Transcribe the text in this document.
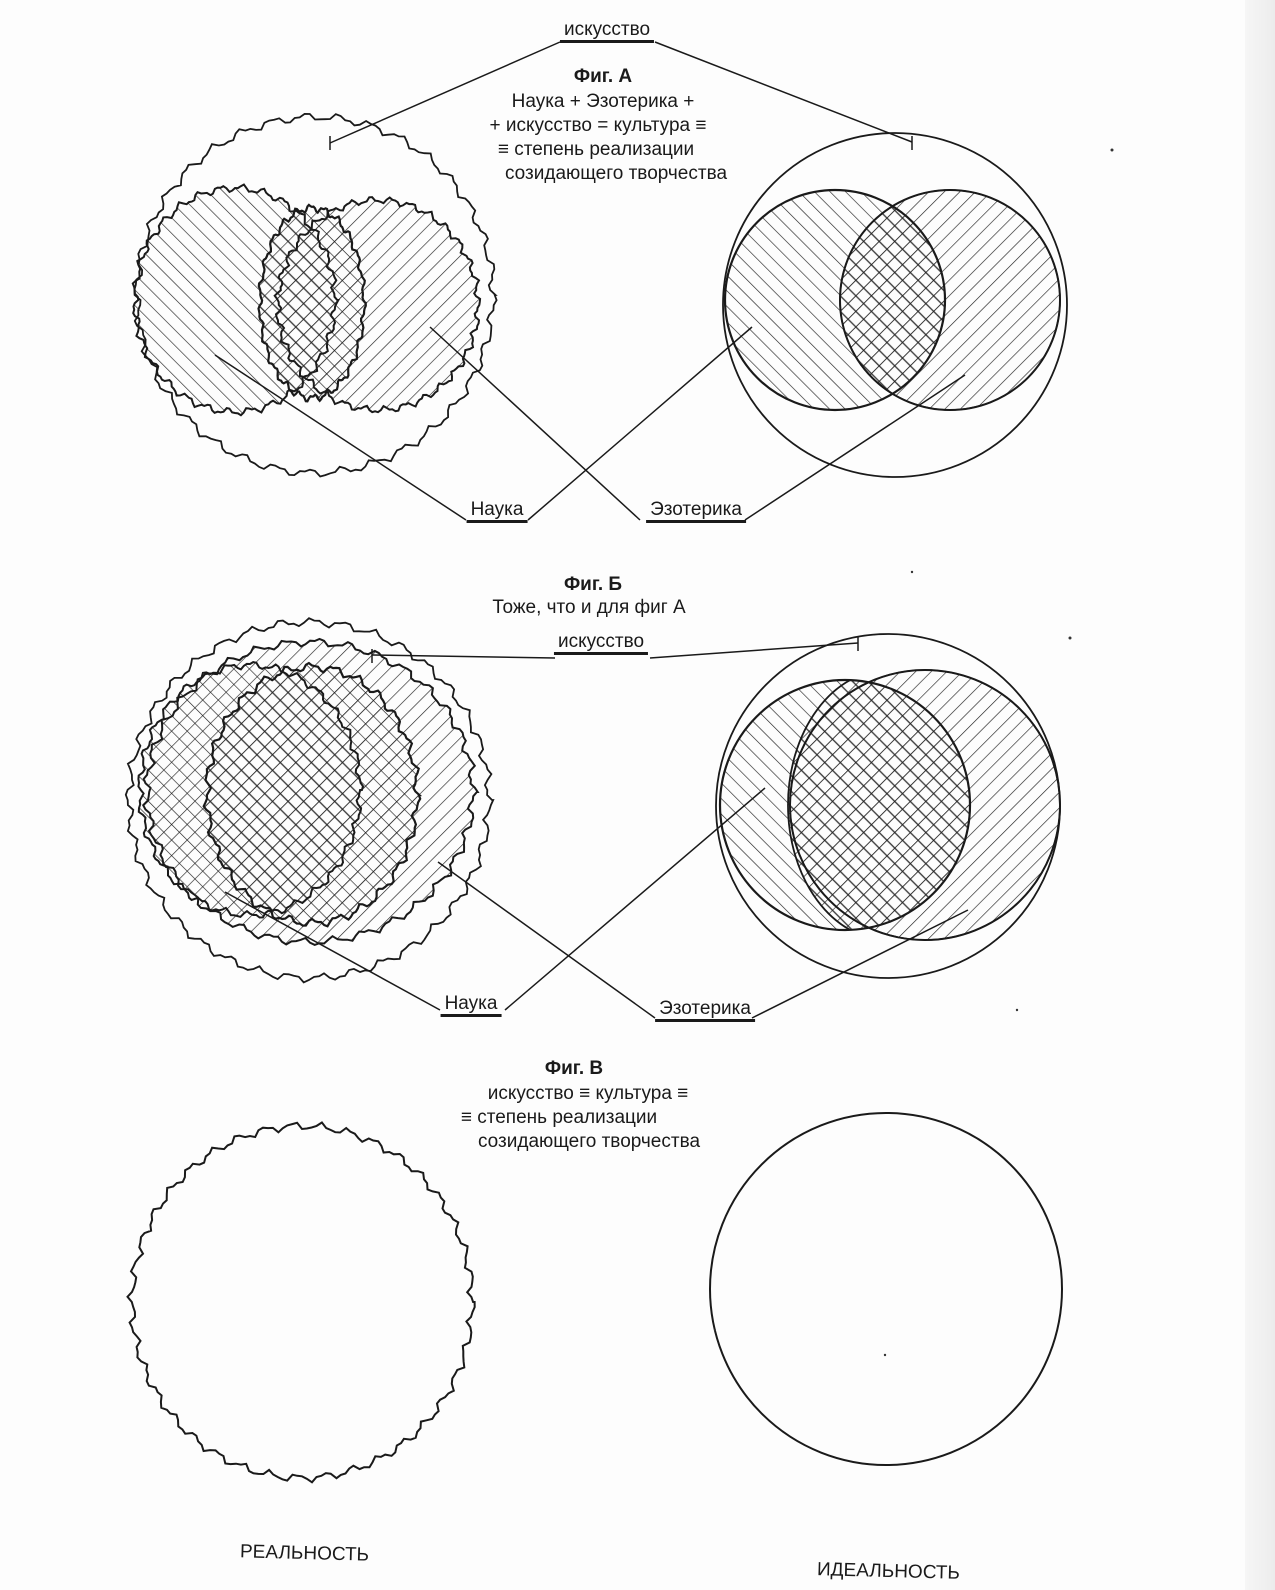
искусство
Фиг. А
Наука + Эзотерика +
+ искусство = культура ≡
≡ степень реализации
созидающего творчества
Наука	Эзотерика
Фиг. Б
Тоже, что и для фиг А
искусство
Наука	Эзотерика
Фиг. В
искусство ≡ культура ≡
≡ степень реализации
созидающего творчества
РЕАЛЬНОСТЬ
ИДЕАЛЬНОСТЬ
